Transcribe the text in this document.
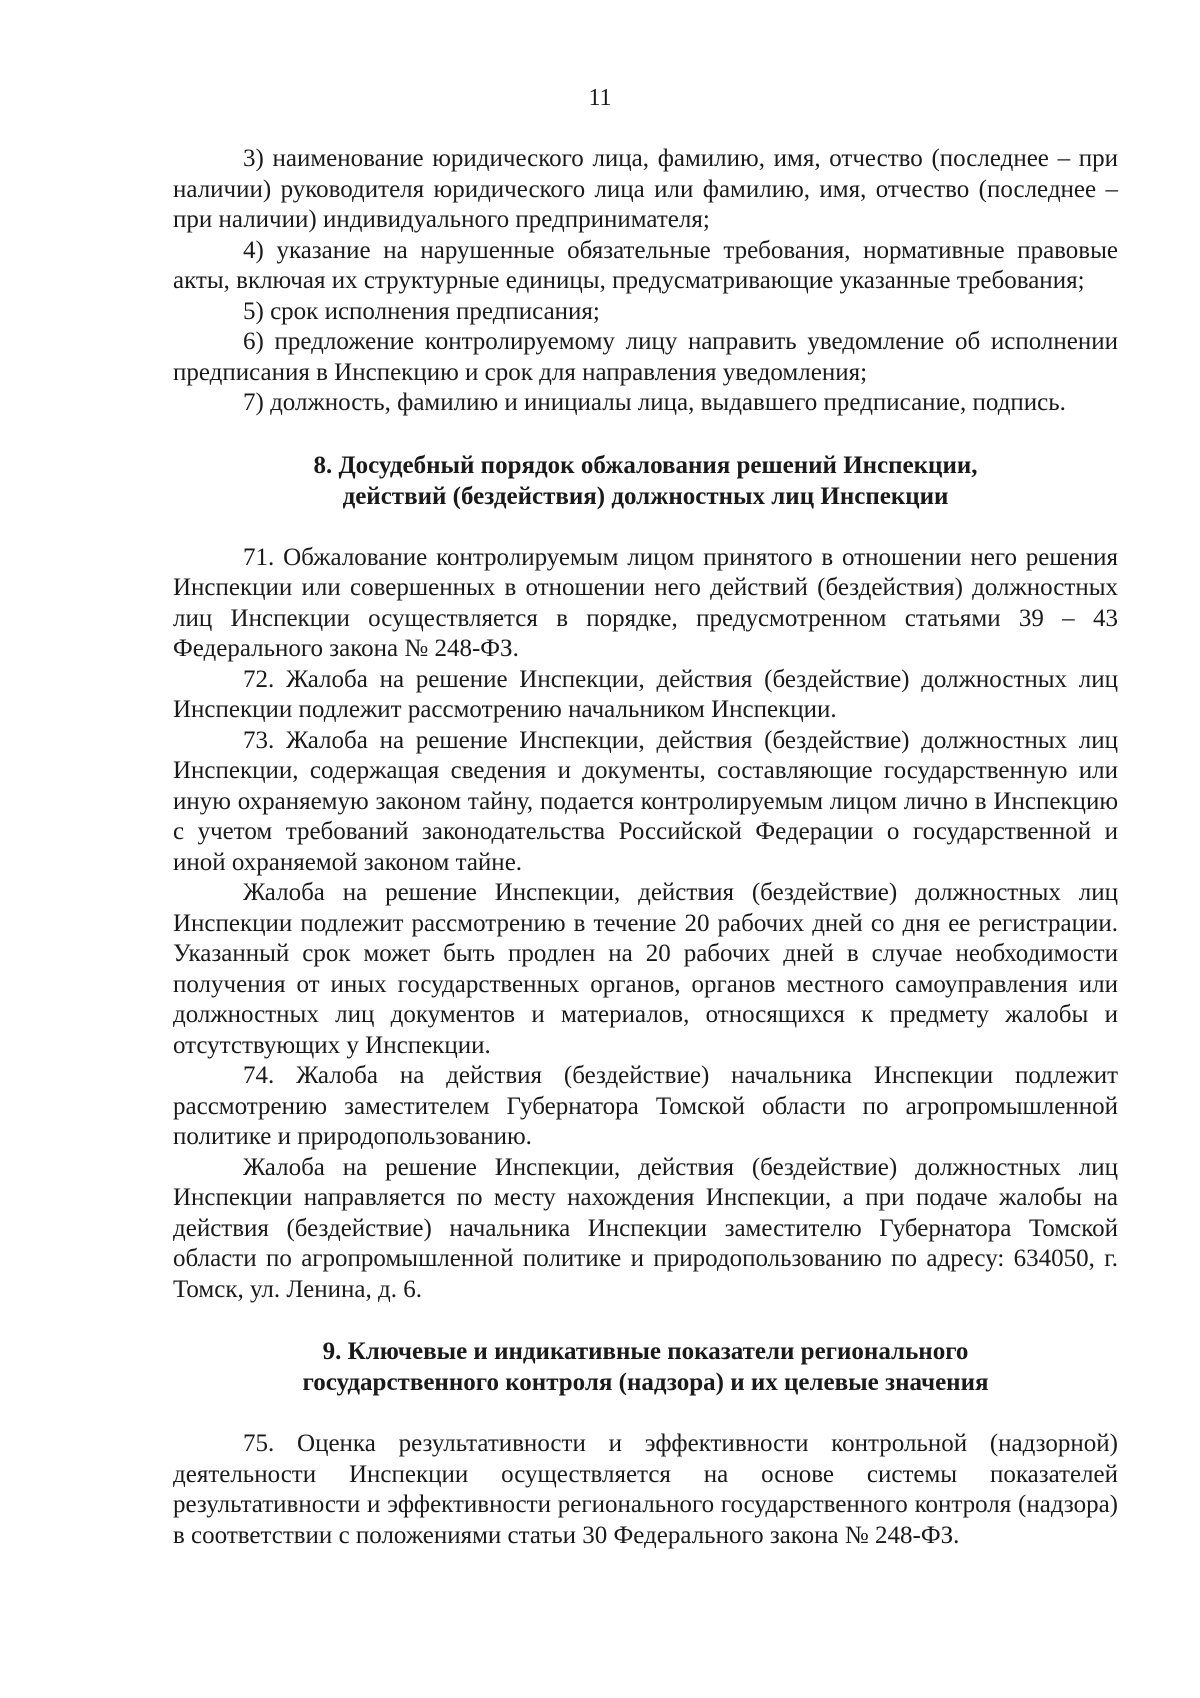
11

3) наименование юридического лица, фамилию, имя, отчество (последнее – при наличии) руководителя юридического лица или фамилию, имя, отчество (последнее – при наличии) индивидуального предпринимателя;

4) указание на нарушенные обязательные требования, нормативные правовые акты, включая их структурные единицы, предусматривающие указанные требования;

5) срок исполнения предписания;

6) предложение контролируемому лицу направить уведомление об исполнении предписания в Инспекцию и срок для направления уведомления;

7) должность, фамилию и инициалы лица, выдавшего предписание, подпись.

8. Досудебный порядок обжалования решений Инспекции,
действий (бездействия) должностных лиц Инспекции

71. Обжалование контролируемым лицом принятого в отношении него решения Инспекции или совершенных в отношении него действий (бездействия) должностных лиц Инспекции осуществляется в порядке, предусмотренном статьями 39 – 43 Федерального закона № 248-ФЗ.

72. Жалоба на решение Инспекции, действия (бездействие) должностных лиц Инспекции подлежит рассмотрению начальником Инспекции.

73. Жалоба на решение Инспекции, действия (бездействие) должностных лиц Инспекции, содержащая сведения и документы, составляющие государственную или иную охраняемую законом тайну, подается контролируемым лицом лично в Инспекцию с учетом требований законодательства Российской Федерации о государственной и иной охраняемой законом тайне.

Жалоба на решение Инспекции, действия (бездействие) должностных лиц Инспекции подлежит рассмотрению в течение 20 рабочих дней со дня ее регистрации. Указанный срок может быть продлен на 20 рабочих дней в случае необходимости получения от иных государственных органов, органов местного самоуправления или должностных лиц документов и материалов, относящихся к предмету жалобы и отсутствующих у Инспекции.

74. Жалоба на действия (бездействие) начальника Инспекции подлежит рассмотрению заместителем Губернатора Томской области по агропромышленной политике и природопользованию.

Жалоба на решение Инспекции, действия (бездействие) должностных лиц Инспекции направляется по месту нахождения Инспекции, а при подаче жалобы на действия (бездействие) начальника Инспекции заместителю Губернатора Томской области по агропромышленной политике и природопользованию по адресу: 634050, г. Томск, ул. Ленина, д. 6.

9. Ключевые и индикативные показатели регионального
государственного контроля (надзора) и их целевые значения

75. Оценка результативности и эффективности контрольной (надзорной) деятельности Инспекции осуществляется на основе системы показателей результативности и эффективности регионального государственного контроля (надзора) в соответствии с положениями статьи 30 Федерального закона № 248-ФЗ.
